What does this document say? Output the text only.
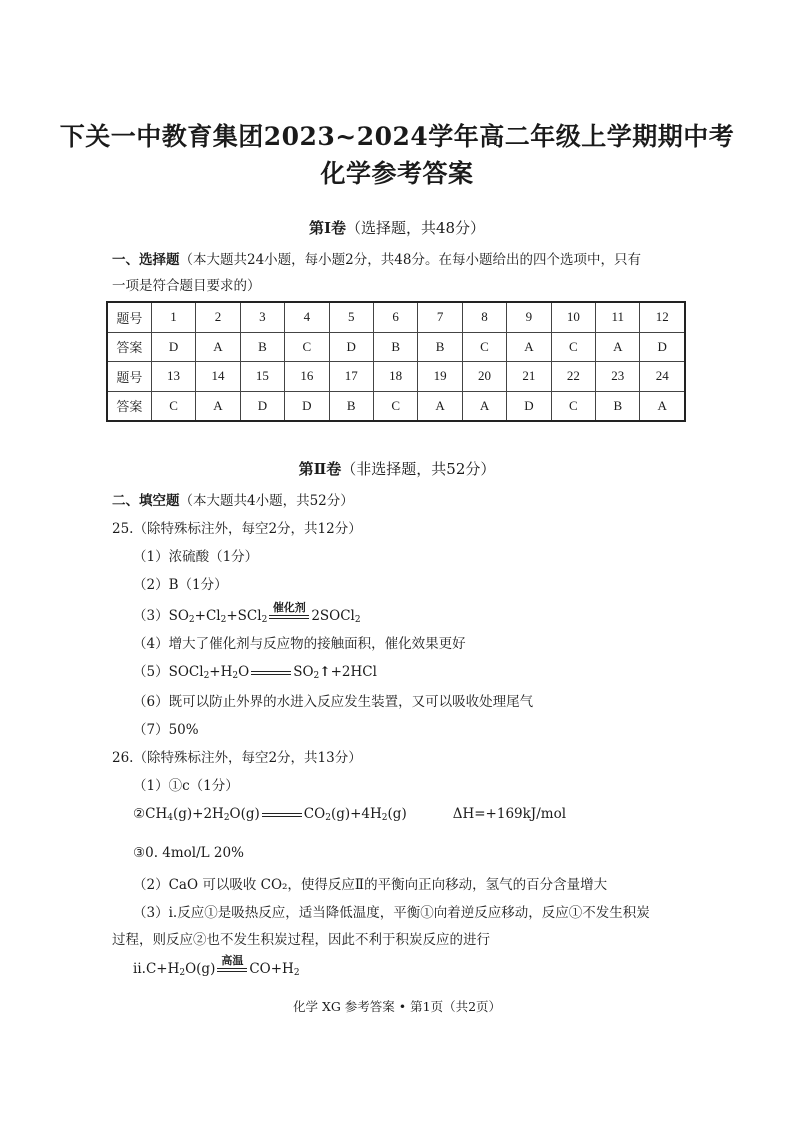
下关一中教育集团2023~2024学年高二年级上学期期中考
化学参考答案
第Ⅰ卷（选择题，共48分）
一、选择题（本大题共24小题，每小题2分，共48分。在每小题给出的四个选项中，只有
一项是符合题目要求的）
题号	1	2	3	4	5	6	7	8	9	10	11	12
答案	D	A	B	C	D	B	B	C	A	C	A	D
题号	13	14	15	16	17	18	19	20	21	22	23	24
答案	C	A	D	D	B	C	A	A	D	C	B	A
第Ⅱ卷（非选择题，共52分）
二、填空题（本大题共4小题，共52分）
25.（除特殊标注外，每空2分，共12分）
（1）浓硫酸（1分）
（2）B（1分）
$(3)SO_2+Cl_2+SCl_2$
催化剂
2SOCl$_2$
（4）增大了催化剂与反应物的接触面积，催化效果更好
$(5)SOCl_2+H_2O$	$SO_2↑+2HCl$
（6）既可以防止外界的水进入反应发生装置，又可以吸收处理尾气
（7）50%
26.（除特殊标注外，每空2分，共13分）
（1）①c（1分）
$②CH_4(g)+2H_2O(g)$	$CO_2(g)+4H_2(g)$	ΔH=+169kJ/mol
③0. 4mol/L 20%
（2）CaO 可以吸收 CO₂，使得反应Ⅱ的平衡向正向移动，氢气的百分含量增大
（3）ⅰ.反应①是吸热反应，适当降低温度，平衡①向着逆反应移动，反应①不发生积炭
过程，则反应②也不发生积炭过程，因此不利于积炭反应的进行
$ⅱ.C+H_2O(g)$
高温
$CO+H_2$
化学 XG 参考答案 • 第1页（共2页）
